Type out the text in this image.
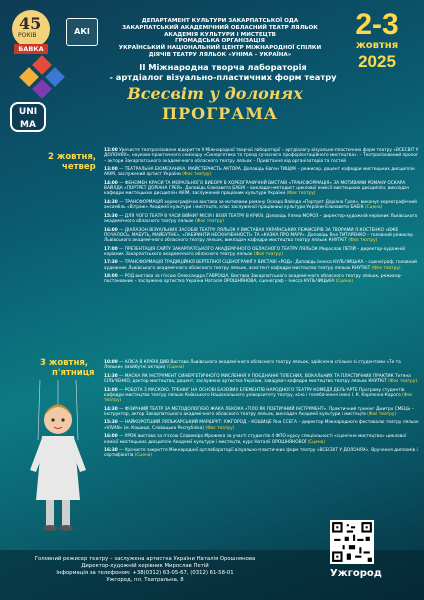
45
РОКІВ
БАВКА
АКІ
UNI MA
ДЕПАРТАМЕНТ КУЛЬТУРИ ЗАКАРПАТСЬКОЇ ОДА
ЗАКАРПАТСЬКИЙ АКАДЕМІЧНИЙ ОБЛАСНИЙ ТЕАТР ЛЯЛЬОК
АКАДЕМІЯ КУЛЬТУРИ І МИСТЕЦТВ
ГРОМАДСЬКА ОРГАНІЗАЦІЯ
УКРАЇНСЬКИЙ НАЦІОНАЛЬНИЙ ЦЕНТР МІЖНАРОДНОЇ СПІЛКИ
ДІЯЧІВ ТЕАТРУ ЛЯЛЬОК «УНІМА – УКРАЇНА»
2-3
жовтня
2025
ІІ Міжнародна творча лабораторія
- артдіалог візуально-пластичних форм театру
Всесвіт у долонях
ПРОГРАМА
2 жовтня,
четвер
12:00 Урочисте театралізоване відкриття II Міжнародної творчої лабораторії – артдіалогу візуально-пластичних форм театру «ВСЕСВІТ У ДОЛОНЯХ», науково-практичного семінару «Синергетика та тренд сучасного профорієнтаційного мистецтва». – Театралізований пролог – актори Закарпатського академічного обласного театру ляльок – Привітання від організаторів та гостей
13:00 — ТЕАТРАЛЬНА БІОМЕХАНІКА. МАЙСТЕРНІСТЬ АКТОРА. Доповідь Євген ТИЩУК – режисер, доцент кафедри мистецьких дисциплін АКІМ, заслужений артист України (Фоє театру)
14:00 — ФЕНОМЕН КРАСИ ТА МОРАЛЬНОГО ВИБОРУ В ХОРЕОГРАФІЧНІЙ ВИСТАВІ «ТРАНСФОРМАЦІЯ» ЗА МОТИВАМИ РОМАНУ ОСКАРА ВАЙЛДА «ПОРТРЕТ ДОРІАНА ГРЕЯ». Доповідь Єлизавета БАБІК – викладач-методист циклової комісії мистецьких дисциплін, викладач кафедри мистецьких дисциплін АКІМ, заслужений працівник культури України (Фоє театру)
14:30 — ТРАНСФОРМАЦІЯ хореографічна вистава за мотивами роману Оскара Вайлда «Портрет Доріана Грея», виконує хореографічний ансамбль «Вітраж» Академії культури і мистецтв, клас заслуженої працівниці культури України Єлизавети БАБІК (Сцена)
15:30 — ДЛЯ ЧОГО ТЕАТР В ЧАСИ ВІЙНИ? МІСІЯ І ВІЗІЯ ТЕАТРУ В КРИЗІ. Доповідь Уляна МОРОЗ – директор-художній керівник Львівського академічного обласного театру ляльок (Фоє театру)
16:00 — ДІАЛАЗОН ВІЗУАЛЬНИХ ЗАСОБІВ ТЕАТРУ ЛЯЛЬОК У ВИСТАВАХ УКРАЇНСЬКИХ РЕЖИСЕРІВ ЗА ТВОРАМИ Л.КОСТЕНКО «ВЖЕ ПОЧАЛОСЬ, МАБУТЬ, МАЙБУТНЄ», «ЛАБІРИНТИ НЕСКІНЧЕННОСТІ» ТА «КАЗКА ПРО МАРУ». Доповідь Яна ТИТАРЕНКО – головний режисер Львівського академічного обласного театру ляльок, викладач кафедри мистецтва театру ляльок КНУТКіТ (Фоє театру)
17:00 — ПРЕЗЕНТАЦІЯ САЙТУ ЗАКАРПАТСЬКОГО АКАДЕМІЧНОГО ОБЛАСНОГО ТЕАТРУ ЛЯЛЬОК Мирослав ПЕТІЙ – директор-художній керівник Закарпатського академічного обласного театру ляльок (Фоє театру)
17:30 — ТРАНСФОРМАЦІЯ ТРАДИЦІЙНОЇ ВЕРТЕПНОЇ СЦЕНОГРАФІЇ У ВИСТАВІ «РОД». Доповідь Іннеса КУЛЬЧИЦЬКА – сценограф, головний художник Львівського академічного обласного театру ляльок, асистент кафедри мистецтва театру ляльок КНУТКіТ (Фоє театру)
18:00 — РОД вистава за п'єсою Олександра ГАВРОША. Вистава Закарпатського академічного обласного театру ляльок, режисер-постановник – заслужена артистка України Наталія ОРОШНЯНОВА, сценограф – Інесса КУЛЬЧИЦЬКА (Сцена)
3 жовтня,
п'ятниця
10:00 — АЛІСА В КРАЇНІ ДИВ Вистава Львівського академічного обласного театру ляльок, здійснена спільно зі студентами «Те та Ляльки» (майбутні актори) (Сцена)
11:30 — МАСКА ЯК ІНСТРУМЕНТ СИНЕРГЕТИЧНОГО МИСЛЕННЯ У ПОЄДНАННІ ТІЛЕСНИХ, ВОКАЛЬНИХ ТА ПЛАСТИЧНИХ ПРАКТИК Тетяна СІЛЬЧЕНКО, доктор мистецтва, доцент, заслужена артистка України, завідувач кафедри мистецтва театру ляльок КНУТКіТ (Фоє театру)
12:00 — РОБОТА З МАСКОЮ. ТРЕНІНГ НА ОСНОВІ БАЗОВИХ ЕЛЕМЕНТІВ НАРОДНОГО ТЕАТРУ КОМЕДІЇ ДЕЛЬ'АРТЕ Програму студентів кафедри мистецтва театру ляльок Київського Національного університету театру, кіно і телебачення імені І. К. Карпенка-Карого (Фоє театру)
14:30 — ФІЗИЧНИЙ ТЕАТР ЗА МЕТОДОЛОГІЄЮ ЖАКА ЛЕКОКА «ТІЛО ЯК ПОЕТИЧНИЙ ІНСТРУМЕНТ». Практичний тренінг Дмитро СМЕЦЬ – інструктор, актор Закарпатського академічного обласного театру ляльок, викладач Академії культури і мистецтв (Фоє театру)
15:30 — НАЙКОРОТШИЙ ЛЯЛЬКАРСЬКИЙ МАРШРУТ: УЖГОРОД – КОШИЦЕ Яна ССЕГА – директор Міжнародного фестивалю театру ляльок «VIVAN» (м. Кошице, Словацька Республіка) (Фоє театру)
16:00 — УРОК вистава за п'єсою Славоміра Мрожека за участі студентів 4 ФПО курсу спеціальності «сценічне мистецтво» циклової комісії мистецьких дисциплін Академії культури і мистецтв, курс Наталії ОРОШНЯНОВОЇ (Сцена)
16:30 — Урочисте закриття Міжнародної артлабораторії візуально-пластичних форм театру «ВСЕСВІТ У ДОЛОНЯХ». Вручення дипломів і сертифікатів (Сцена)
Головний режисер театру – заслужена артистка України Наталія Орошнянова
Директор-художній керівник Мирослав Петій
Інформація за телефоном: +38(0312) 63-05-67, (0312) 61-58-01
Ужгород, пл. Театральна, 8
Ужгород
